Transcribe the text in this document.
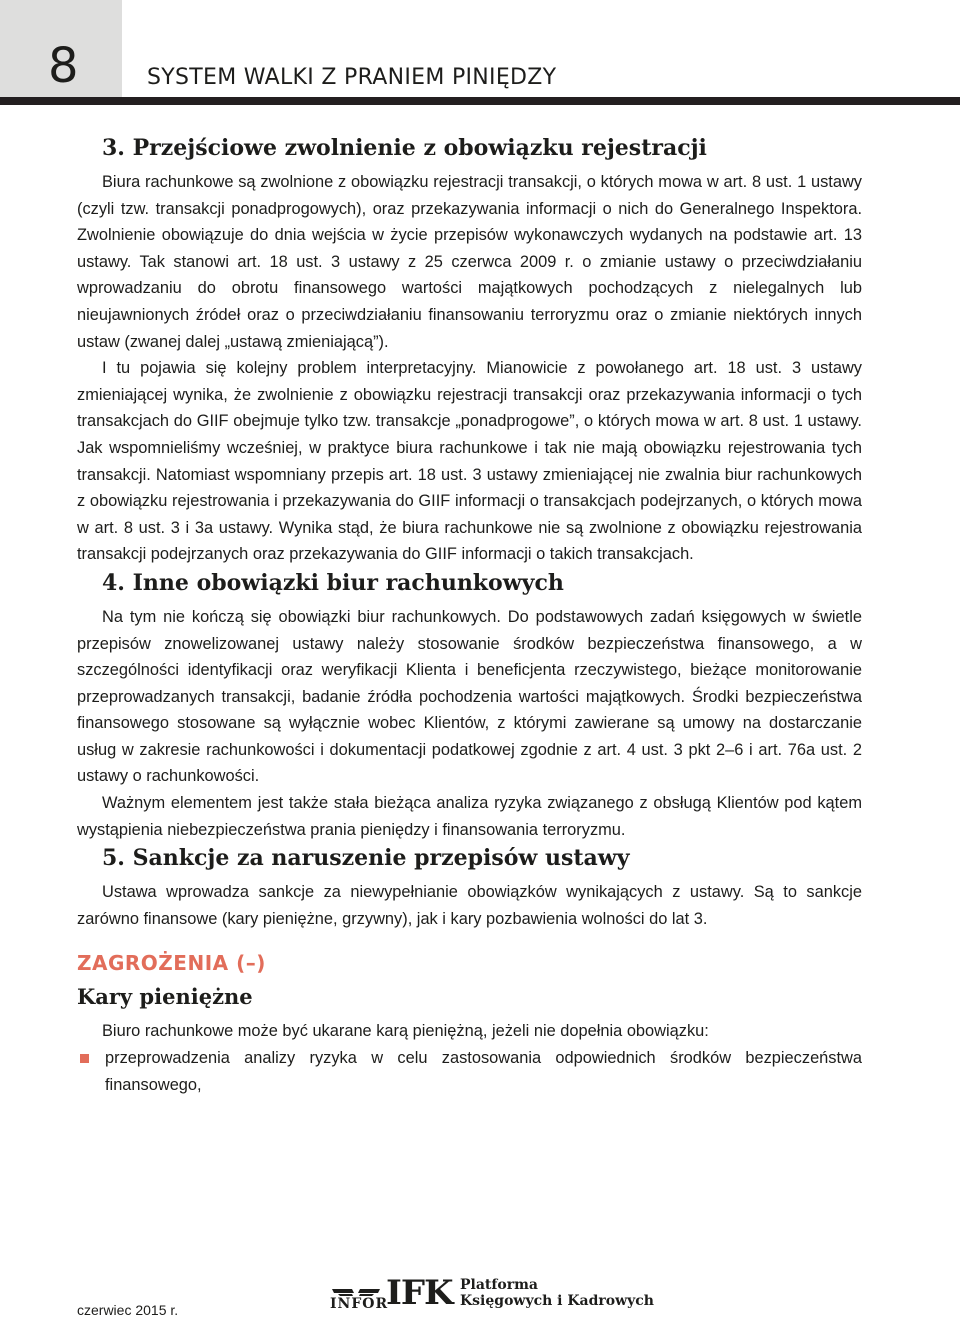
8	SYSTEM WALKI Z PRANIEM PINIĘDZY
3. Przejściowe zwolnienie z obowiązku rejestracji

Biura rachunkowe są zwolnione z obowiązku rejestracji transakcji, o których mowa w art. 8 ust. 1 ustawy (czyli tzw. transakcji ponadprogowych), oraz przekazywania informacji o nich do Generalnego Inspektora. Zwolnienie obowiązuje do dnia wejścia w życie przepisów wykonawczych wydanych na podstawie art. 13 ustawy. Tak stanowi art. 18 ust. 3 ustawy z 25 czerwca 2009 r. o zmianie ustawy o przeciwdziałaniu wprowadzaniu do obrotu finansowego wartości majątkowych pochodzących z nielegalnych lub nieujawnionych źródeł oraz o przeciwdziałaniu finansowaniu terroryzmu oraz o zmianie niektórych innych ustaw (zwanej dalej „ustawą zmieniającą”).

I tu pojawia się kolejny problem interpretacyjny. Mianowicie z powołanego art. 18 ust. 3 ustawy zmieniającej wynika, że zwolnienie z obowiązku rejestracji transakcji oraz przekazywania informacji o tych transakcjach do GIIF obejmuje tylko tzw. transakcje „ponadprogowe”, o których mowa w art. 8 ust. 1 ustawy. Jak wspomnieliśmy wcześniej, w praktyce biura rachunkowe i tak nie mają obowiązku rejestrowania tych transakcji. Natomiast wspomniany przepis art. 18 ust. 3 ustawy zmieniającej nie zwalnia biur rachunkowych z obowiązku rejestrowania i przekazywania do GIIF informacji o transakcjach podejrzanych, o których mowa w art. 8 ust. 3 i 3a ustawy. Wynika stąd, że biura rachunkowe nie są zwolnione z obowiązku rejestrowania transakcji podejrzanych oraz przekazywania do GIIF informacji o takich transakcjach.

4. Inne obowiązki biur rachunkowych

Na tym nie kończą się obowiązki biur rachunkowych. Do podstawowych zadań księgowych w świetle przepisów znowelizowanej ustawy należy stosowanie środków bezpieczeństwa finansowego, a w szczególności identyfikacji oraz weryfikacji Klienta i beneficjenta rzeczywistego, bieżące monitorowanie przeprowadzanych transakcji, badanie źródła pochodzenia wartości majątkowych. Środki bezpieczeństwa finansowego stosowane są wyłącznie wobec Klientów, z którymi zawierane są umowy na dostarczanie usług w zakresie rachunkowości i dokumentacji podatkowej zgodnie z art. 4 ust. 3 pkt 2–6 i art. 76a ust. 2 ustawy o rachunkowości.

Ważnym elementem jest także stała bieżąca analiza ryzyka związanego z obsługą Klientów pod kątem wystąpienia niebezpieczeństwa prania pieniędzy i finansowania terroryzmu.

5. Sankcje za naruszenie przepisów ustawy

Ustawa wprowadza sankcje za niewypełnianie obowiązków wynikających z ustawy. Są to sankcje zarówno finansowe (kary pieniężne, grzywny), jak i kary pozbawienia wolności do lat 3.

ZAGROŻENIA (–)
Kary pieniężne

Biuro rachunkowe może być ukarane karą pieniężną, jeżeli nie dopełnia obowiązku:

przeprowadzenia analizy ryzyka w celu zastosowania odpowiednich środków bezpieczeństwa finansowego,
czerwiec 2015 r.	INFOR
IFK Platforma
Księgowych i Kadrowych
